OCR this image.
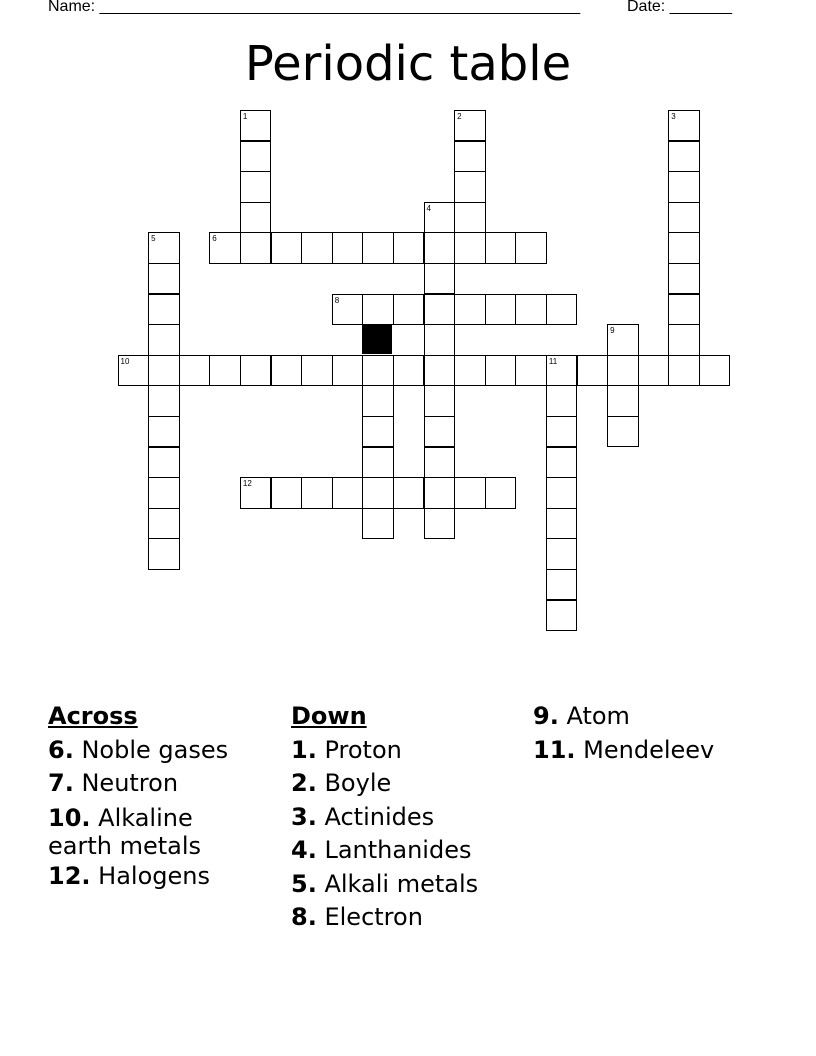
Name: ______________________________________________________	Date: _______
Periodic table
1	2	3
4
5	6
8
9
10	11
12
Across
6. Noble gases
7. Neutron
10. Alkaline
earth metals
12. Halogens
Down
1. Proton
2. Boyle
3. Actinides
4. Lanthanides
5. Alkali metals
8. Electron
9. Atom
11. Mendeleev
